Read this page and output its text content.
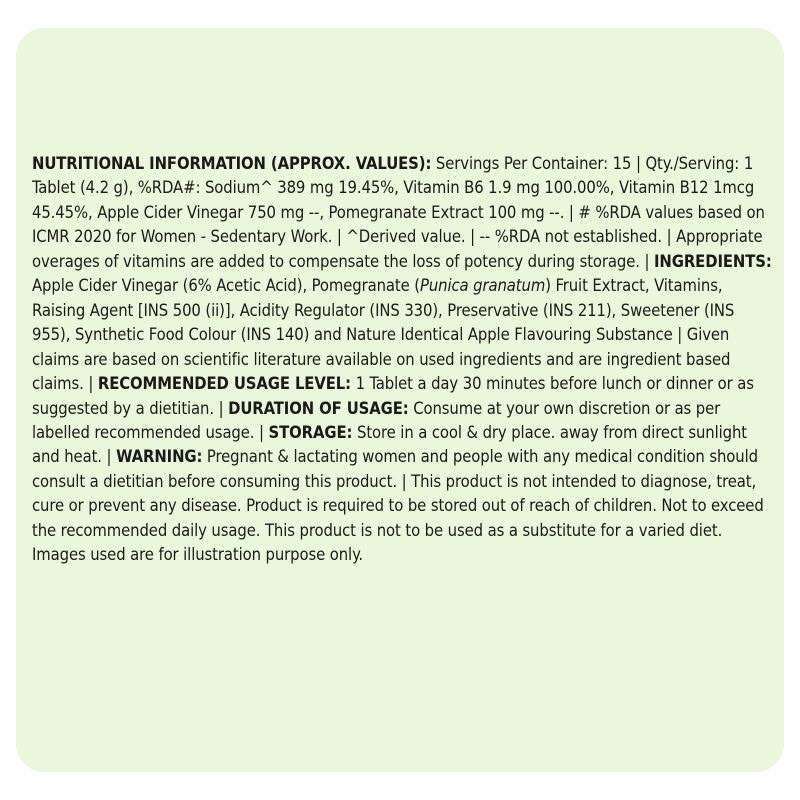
NUTRITIONAL INFORMATION (APPROX. VALUES): Servings Per Container: 15 | Qty./Serving: 1 Tablet (4.2 g), %RDA#: Sodium^ 389 mg 19.45%, Vitamin B6 1.9 mg 100.00%, Vitamin B12 1mcg 45.45%, Apple Cider Vinegar 750 mg --, Pomegranate Extract 100 mg --. | # %RDA values based on ICMR 2020 for Women - Sedentary Work. | ^Derived value. | -- %RDA not established. | Appropriate overages of vitamins are added to compensate the loss of potency during storage. | INGREDIENTS: Apple Cider Vinegar (6% Acetic Acid), Pomegranate (Punica granatum) Fruit Extract, Vitamins, Raising Agent [INS 500 (ii)], Acidity Regulator (INS 330), Preservative (INS 211), Sweetener (INS 955), Synthetic Food Colour (INS 140) and Nature Identical Apple Flavouring Substance | Given claims are based on scientific literature available on used ingredients and are ingredient based claims. | RECOMMENDED USAGE LEVEL: 1 Tablet a day 30 minutes before lunch or dinner or as suggested by a dietitian. | DURATION OF USAGE: Consume at your own discretion or as per labelled recommended usage. | STORAGE: Store in a cool & dry place. away from direct sunlight and heat. | WARNING: Pregnant & lactating women and people with any medical condition should consult a dietitian before consuming this product. | This product is not intended to diagnose, treat, cure or prevent any disease. Product is required to be stored out of reach of children. Not to exceed the recommended daily usage. This product is not to be used as a substitute for a varied diet. Images used are for illustration purpose only.
